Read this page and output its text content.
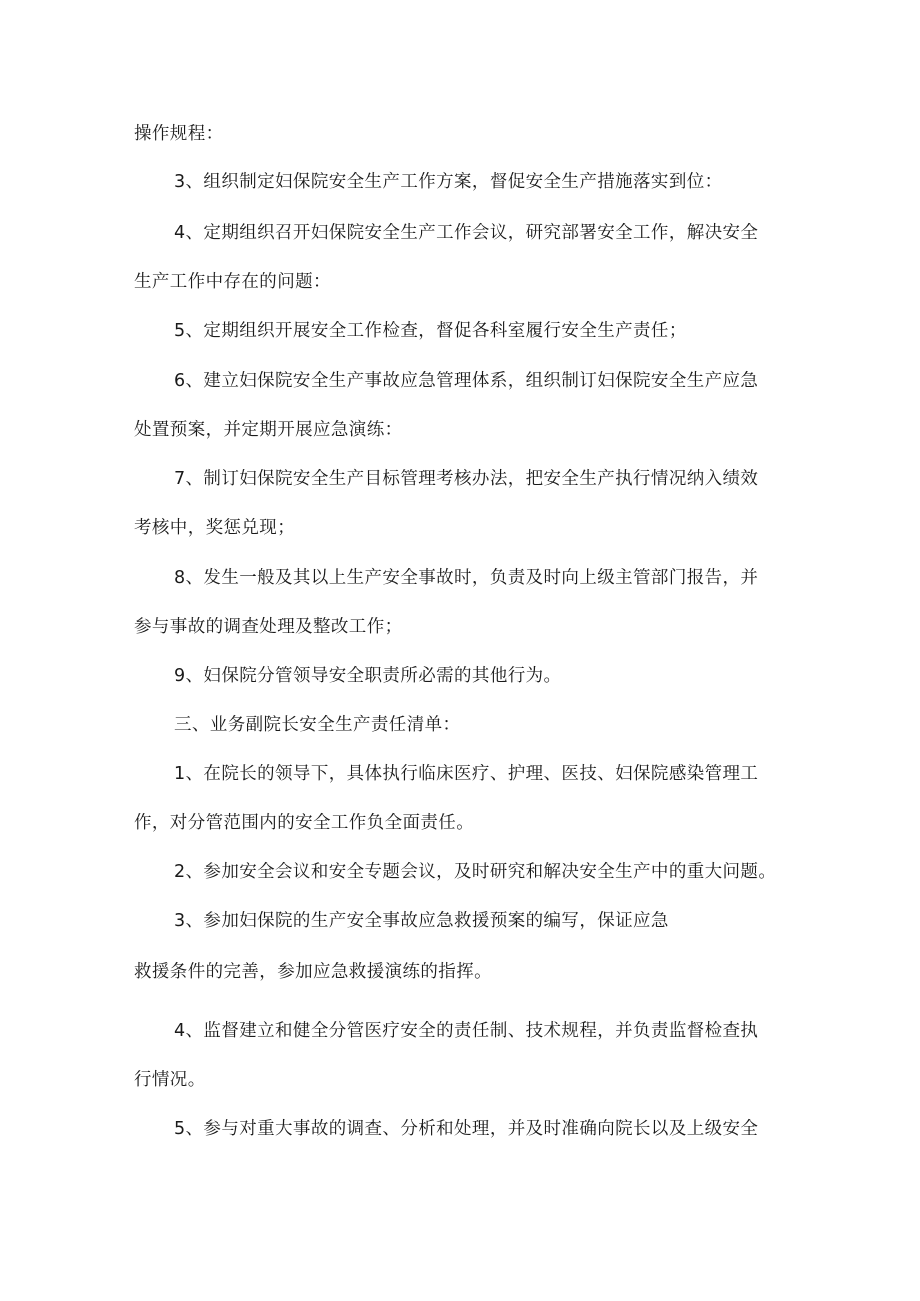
操作规程：
3、组织制定妇保院安全生产工作方案，督促安全生产措施落实到位：
4、定期组织召开妇保院安全生产工作会议，研究部署安全工作，解决安全
生产工作中存在的问题：
5、定期组织开展安全工作检查，督促各科室履行安全生产责任；
6、建立妇保院安全生产事故应急管理体系，组织制订妇保院安全生产应急
处置预案，并定期开展应急演练：
7、制订妇保院安全生产目标管理考核办法，把安全生产执行情况纳入绩效
考核中，奖惩兑现；
8、发生一般及其以上生产安全事故时，负责及时向上级主管部门报告，并
参与事故的调查处理及整改工作；
9、妇保院分管领导安全职责所必需的其他行为。
三、业务副院长安全生产责任清单：
1、在院长的领导下，具体执行临床医疗、护理、医技、妇保院感染管理工
作，对分管范围内的安全工作负全面责任。
2、参加安全会议和安全专题会议，及时研究和解决安全生产中的重大问题。
3、参加妇保院的生产安全事故应急救援预案的编写，保证应急
救援条件的完善，参加应急救援演练的指挥。
4、监督建立和健全分管医疗安全的责任制、技术规程，并负责监督检查执
行情况。
5、参与对重大事故的调查、分析和处理，并及时准确向院长以及上级安全
